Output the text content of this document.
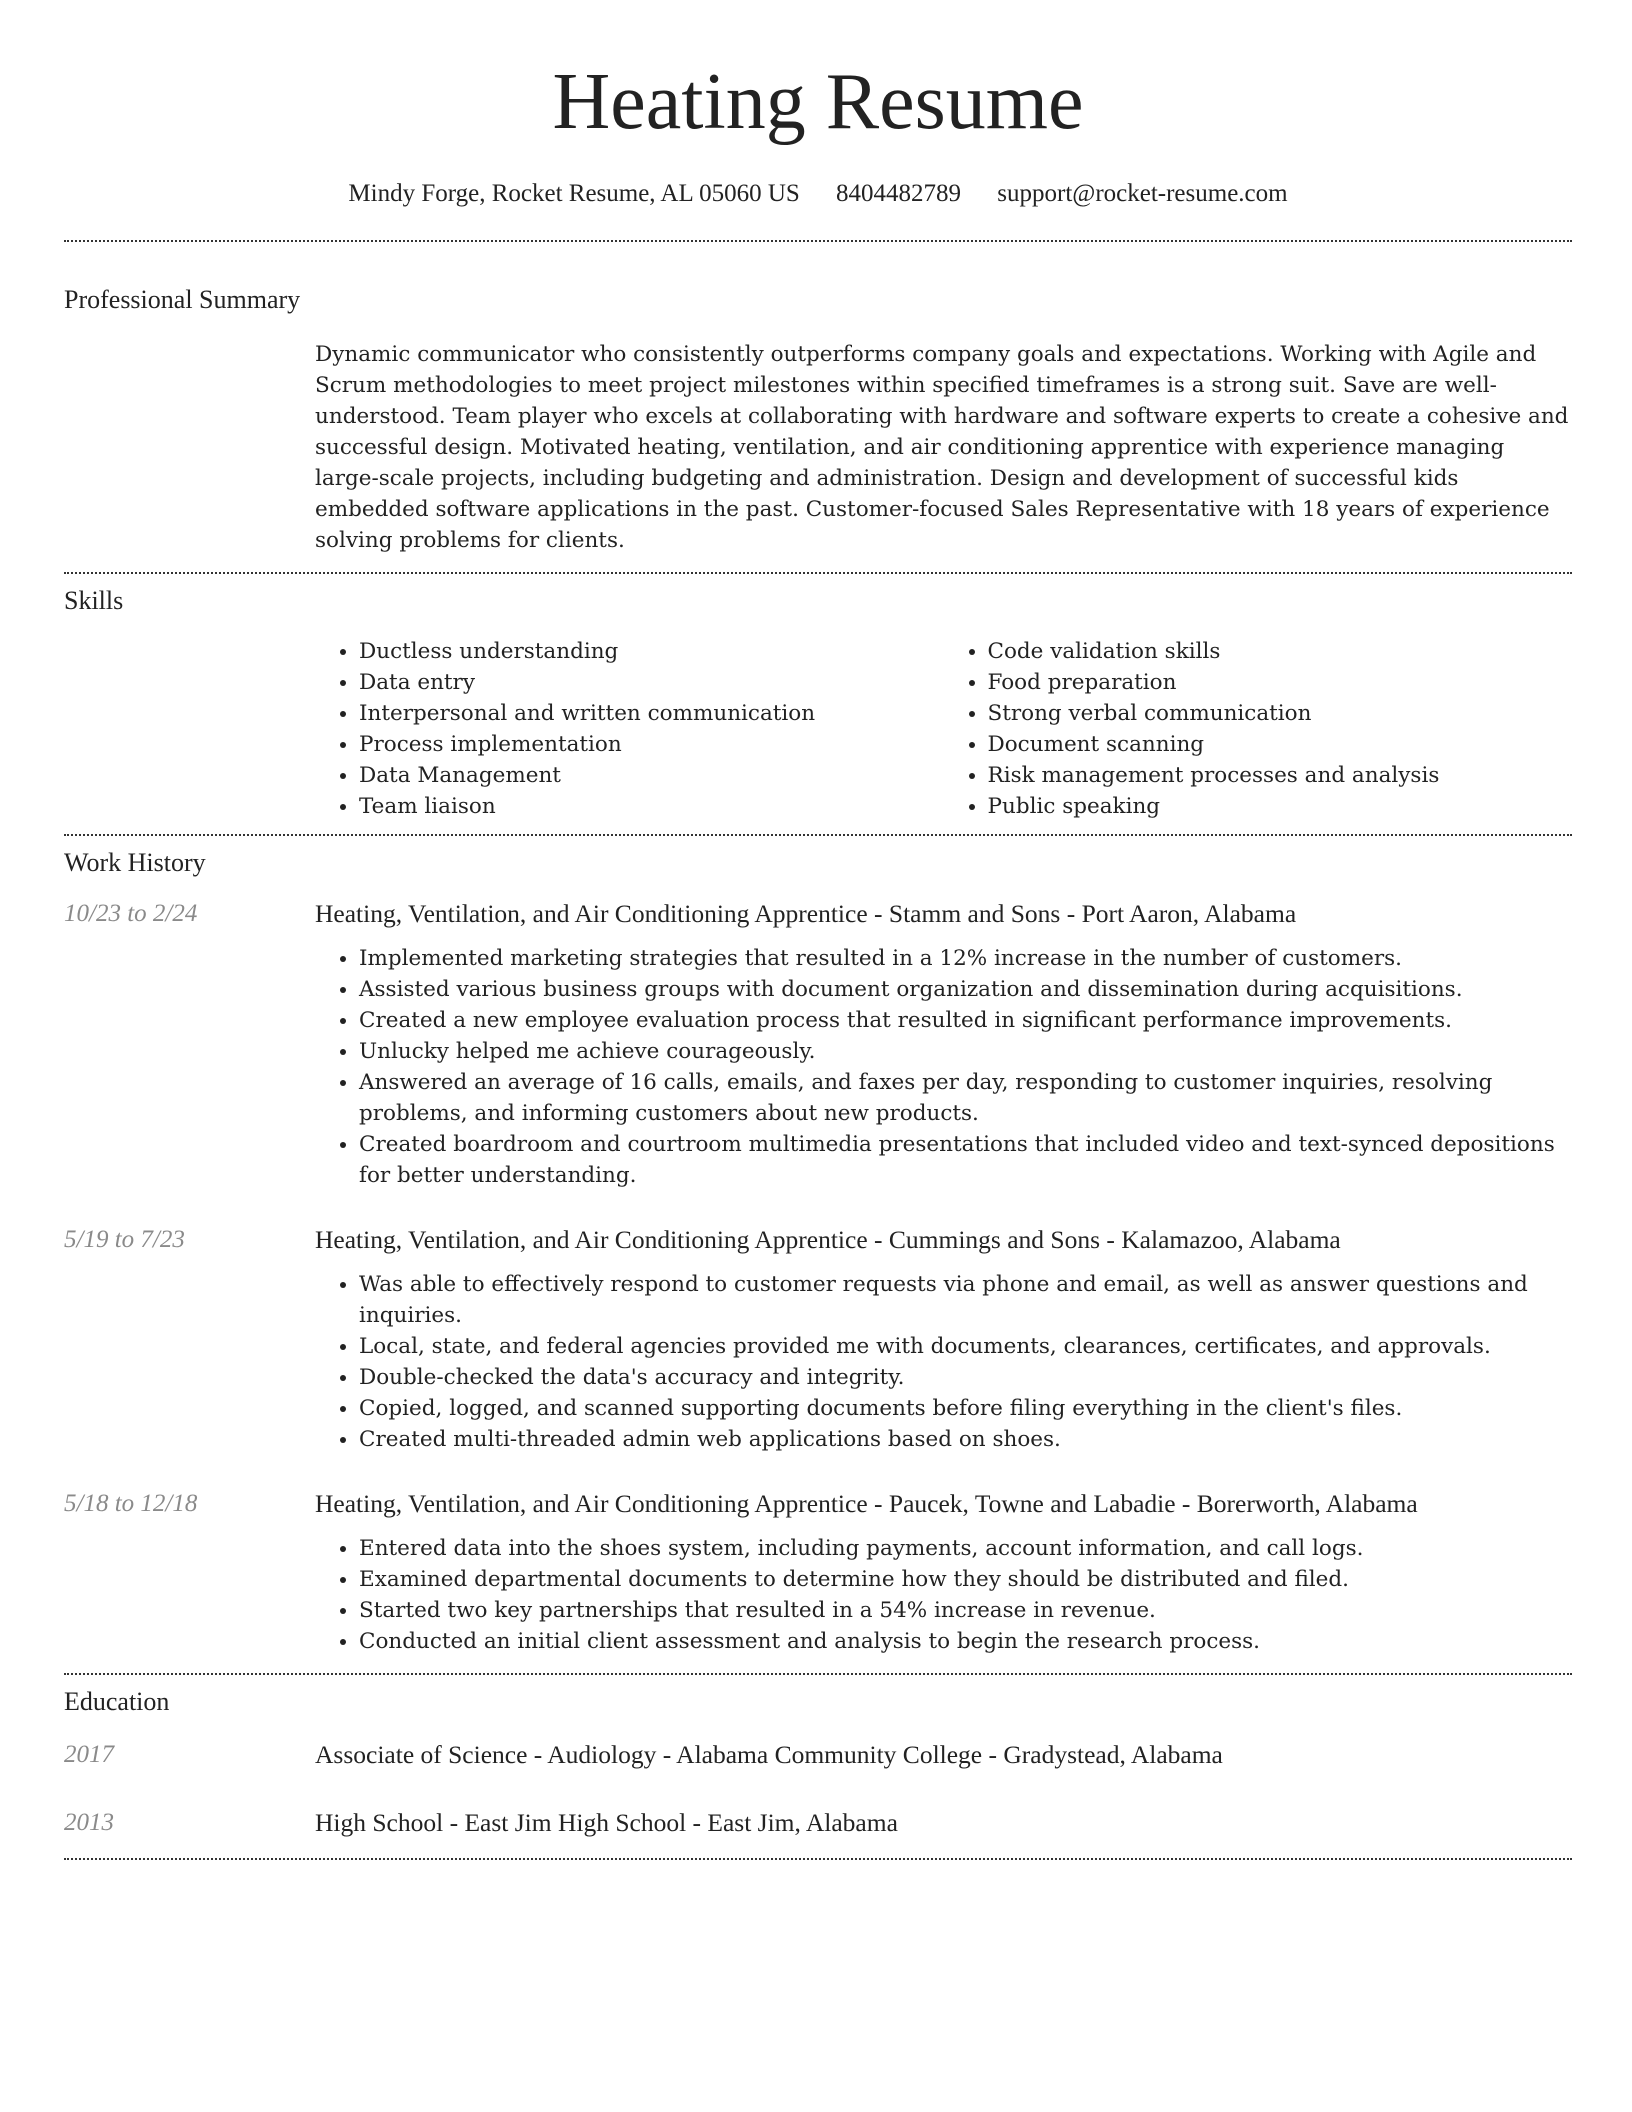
Heating Resume
Mindy Forge, Rocket Resume, AL 05060 US 8404482789 support@rocket-resume.com
Professional Summary
Dynamic communicator who consistently outperforms company goals and expectations. Working with Agile and Scrum methodologies to meet project milestones within specified timeframes is a strong suit. Save are well-understood. Team player who excels at collaborating with hardware and software experts to create a cohesive and successful design. Motivated heating, ventilation, and air conditioning apprentice with experience managing large-scale projects, including budgeting and administration. Design and development of successful kids embedded software applications in the past. Customer-focused Sales Representative with 18 years of experience solving problems for clients.
Skills
• Ductless understanding
• Data entry
• Interpersonal and written communication
• Process implementation
• Data Management
• Team liaison
• Code validation skills
• Food preparation
• Strong verbal communication
• Document scanning
• Risk management processes and analysis
• Public speaking
Work History
10/23 to 2/24	Heating, Ventilation, and Air Conditioning Apprentice - Stamm and Sons - Port Aaron, Alabama
• Implemented marketing strategies that resulted in a 12% increase in the number of customers.
• Assisted various business groups with document organization and dissemination during acquisitions.
• Created a new employee evaluation process that resulted in significant performance improvements.
• Unlucky helped me achieve courageously.
• Answered an average of 16 calls, emails, and faxes per day, responding to customer inquiries, resolving problems, and informing customers about new products.
• Created boardroom and courtroom multimedia presentations that included video and text-synced depositions for better understanding.
5/19 to 7/23	Heating, Ventilation, and Air Conditioning Apprentice - Cummings and Sons - Kalamazoo, Alabama
• Was able to effectively respond to customer requests via phone and email, as well as answer questions and inquiries.
• Local, state, and federal agencies provided me with documents, clearances, certificates, and approvals.
• Double-checked the data's accuracy and integrity.
• Copied, logged, and scanned supporting documents before filing everything in the client's files.
• Created multi-threaded admin web applications based on shoes.
5/18 to 12/18	Heating, Ventilation, and Air Conditioning Apprentice - Paucek, Towne and Labadie - Borerworth, Alabama
• Entered data into the shoes system, including payments, account information, and call logs.
• Examined departmental documents to determine how they should be distributed and filed.
• Started two key partnerships that resulted in a 54% increase in revenue.
• Conducted an initial client assessment and analysis to begin the research process.
Education
2017	Associate of Science - Audiology - Alabama Community College - Gradystead, Alabama
2013	High School - East Jim High School - East Jim, Alabama
